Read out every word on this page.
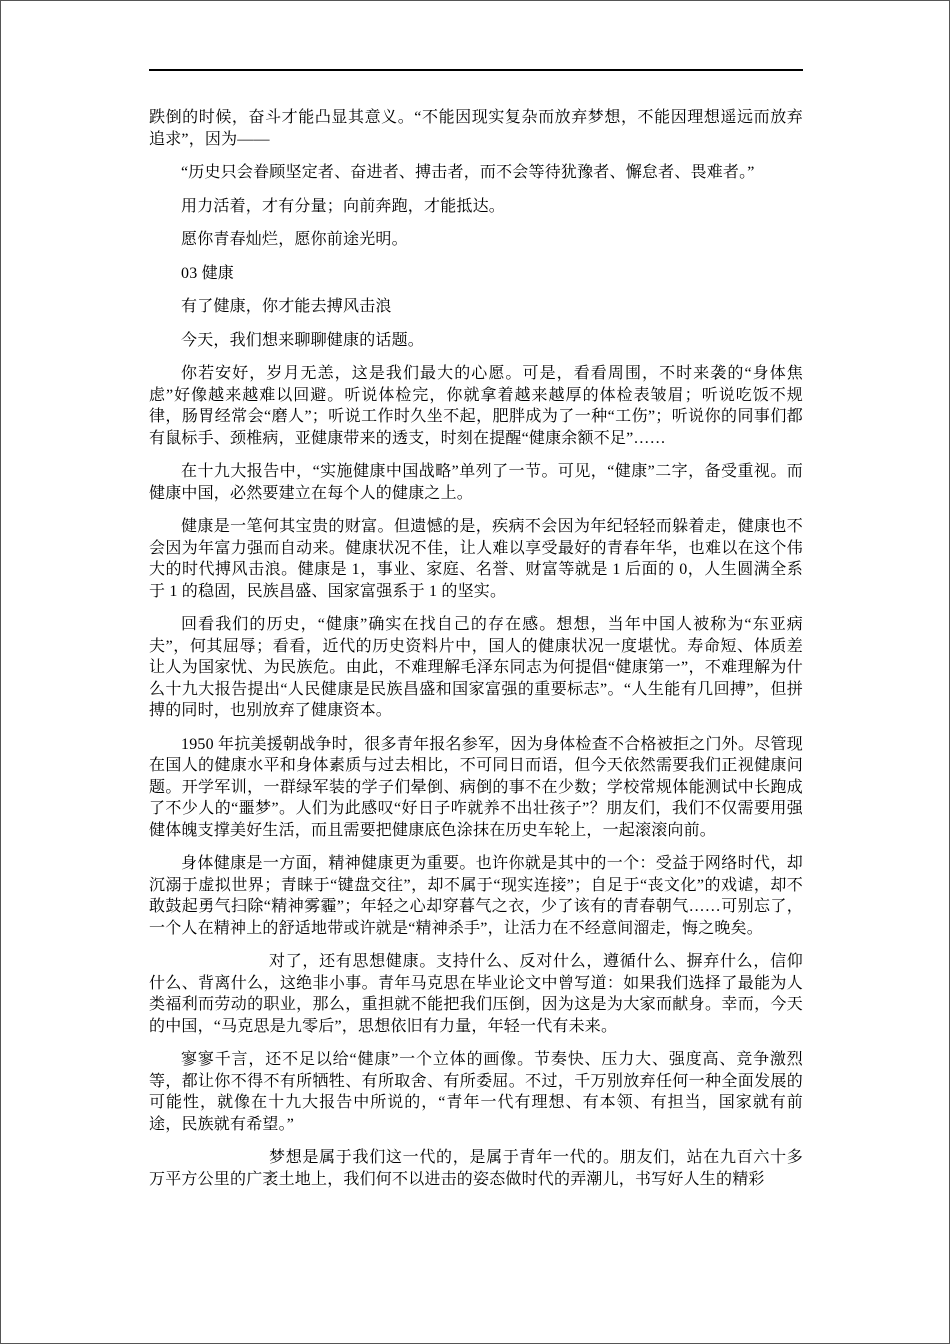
跌倒的时候，奋斗才能凸显其意义。“不能因现实复杂而放弃梦想，不能因理想遥远而放弃追求”，因为——

“历史只会眷顾坚定者、奋进者、搏击者，而不会等待犹豫者、懈怠者、畏难者。”

用力活着，才有分量；向前奔跑，才能抵达。

愿你青春灿烂，愿你前途光明。

03 健康

有了健康，你才能去搏风击浪

今天，我们想来聊聊健康的话题。

你若安好，岁月无恙，这是我们最大的心愿。可是，看看周围，不时来袭的“身体焦虑”好像越来越难以回避。听说体检完，你就拿着越来越厚的体检表皱眉；听说吃饭不规律，肠胃经常会“磨人”；听说工作时久坐不起，肥胖成为了一种“工伤”；听说你的同事们都有鼠标手、颈椎病，亚健康带来的透支，时刻在提醒“健康余额不足”……

在十九大报告中，“实施健康中国战略”单列了一节。可见，“健康”二字，备受重视。而健康中国，必然要建立在每个人的健康之上。

健康是一笔何其宝贵的财富。但遗憾的是，疾病不会因为年纪轻轻而躲着走，健康也不会因为年富力强而自动来。健康状况不佳，让人难以享受最好的青春年华，也难以在这个伟大的时代搏风击浪。健康是 1，事业、家庭、名誉、财富等就是 1 后面的 0，人生圆满全系于 1 的稳固，民族昌盛、国家富强系于 1 的坚实。

回看我们的历史，“健康”确实在找自己的存在感。想想，当年中国人被称为“东亚病夫”，何其屈辱；看看，近代的历史资料片中，国人的健康状况一度堪忧。寿命短、体质差让人为国家忧、为民族危。由此，不难理解毛泽东同志为何提倡“健康第一”，不难理解为什么十九大报告提出“人民健康是民族昌盛和国家富强的重要标志”。“人生能有几回搏”，但拼搏的同时，也别放弃了健康资本。

1950 年抗美援朝战争时，很多青年报名参军，因为身体检查不合格被拒之门外。尽管现在国人的健康水平和身体素质与过去相比，不可同日而语，但今天依然需要我们正视健康问题。开学军训，一群绿军装的学子们晕倒、病倒的事不在少数；学校常规体能测试中长跑成了不少人的“噩梦”。人们为此感叹“好日子咋就养不出壮孩子”？朋友们，我们不仅需要用强健体魄支撑美好生活，而且需要把健康底色涂抹在历史车轮上，一起滚滚向前。

身体健康是一方面，精神健康更为重要。也许你就是其中的一个：受益于网络时代，却沉溺于虚拟世界；青睐于“键盘交往”，却不属于“现实连接”；自足于“丧文化”的戏谑，却不敢鼓起勇气扫除“精神雾霾”；年轻之心却穿暮气之衣，少了该有的青春朝气……可别忘了，一个人在精神上的舒适地带或许就是“精神杀手”，让活力在不经意间溜走，悔之晚矣。

对了，还有思想健康。支持什么、反对什么，遵循什么、摒弃什么，信仰什么、背离什么，这绝非小事。青年马克思在毕业论文中曾写道：如果我们选择了最能为人类福利而劳动的职业，那么，重担就不能把我们压倒，因为这是为大家而献身。幸而，今天的中国，“马克思是九零后”，思想依旧有力量，年轻一代有未来。

寥寥千言，还不足以给“健康”一个立体的画像。节奏快、压力大、强度高、竞争激烈等，都让你不得不有所牺牲、有所取舍、有所委屈。不过，千万别放弃任何一种全面发展的可能性，就像在十九大报告中所说的，“青年一代有理想、有本领、有担当，国家就有前途，民族就有希望。”

梦想是属于我们这一代的，是属于青年一代的。朋友们，站在九百六十多万平方公里的广袤土地上，我们何不以进击的姿态做时代的弄潮儿，书写好人生的精彩
